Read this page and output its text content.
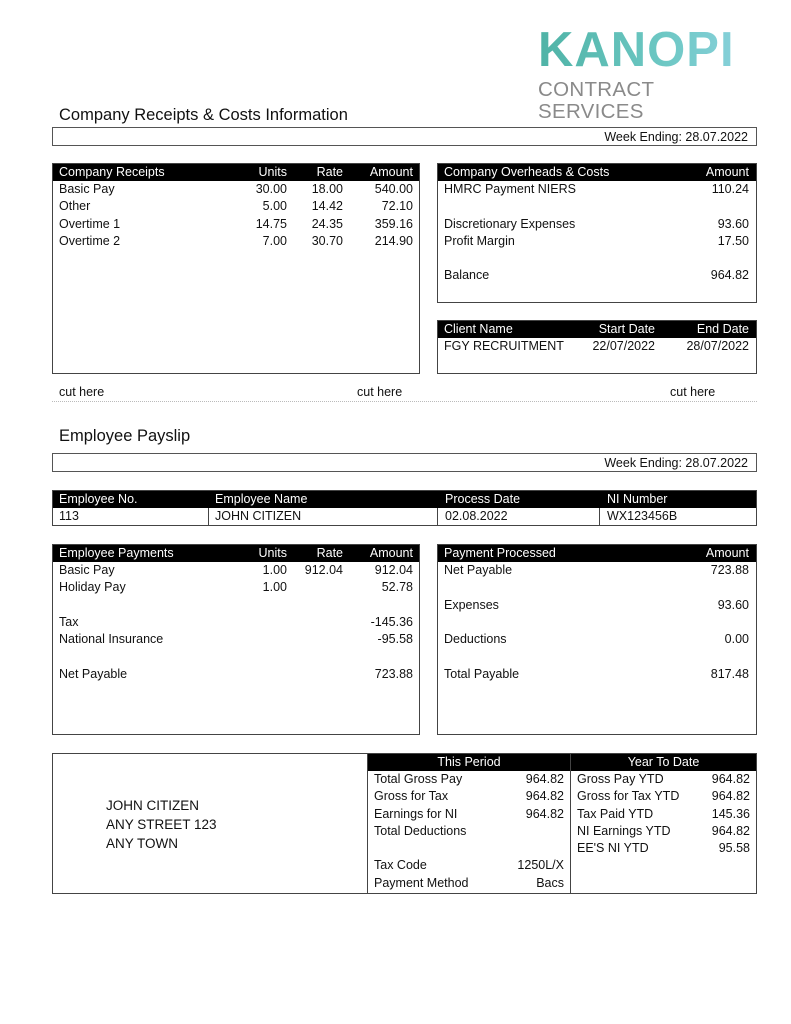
KANOPI
CONTRACT SERVICES
Company Receipts & Costs Information
Week Ending: 28.07.2022
Company Receipts	Units Rate Amount
Basic Pay	30.00 18.00	540.00
Other	5.00 14.42	72.10
Overtime 1	14.75 24.35	359.16
Overtime 2	7.00 30.70	214.90
Company Overheads & Costs	Amount
HMRC Payment NIERS	110.24
Discretionary Expenses	93.60
Profit Margin	17.50
Balance	964.82
Client Name	Start Date	End Date
FGY RECRUITMENT 22/07/2022	28/07/2022
cut here	cut here	cut here
Employee Payslip
Week Ending: 28.07.2022
Employee No.	Employee Name	Process Date	NI Number
113	JOHN CITIZEN	02.08.2022	WX123456B
Employee Payments	Units Rate Amount
Basic Pay	1.00 912.04	912.04
Holiday Pay	1.00	52.78
Tax	-145.36
National Insurance	-95.58
Net Payable	723.88
Payment Processed	Amount
Net Payable	723.88
Expenses	93.60
Deductions	0.00
Total Payable	817.48
JOHN CITIZEN
ANY STREET 123
ANY TOWN
This Period
Total Gross Pay	964.82
Gross for Tax	964.82
Earnings for NI	964.82
Total Deductions
Tax Code	1250L/X
Payment Method	Bacs
Year To Date
Gross Pay YTD	964.82
Gross for Tax YTD	964.82
Tax Paid YTD	145.36
NI Earnings YTD	964.82
EE'S NI YTD	95.58
